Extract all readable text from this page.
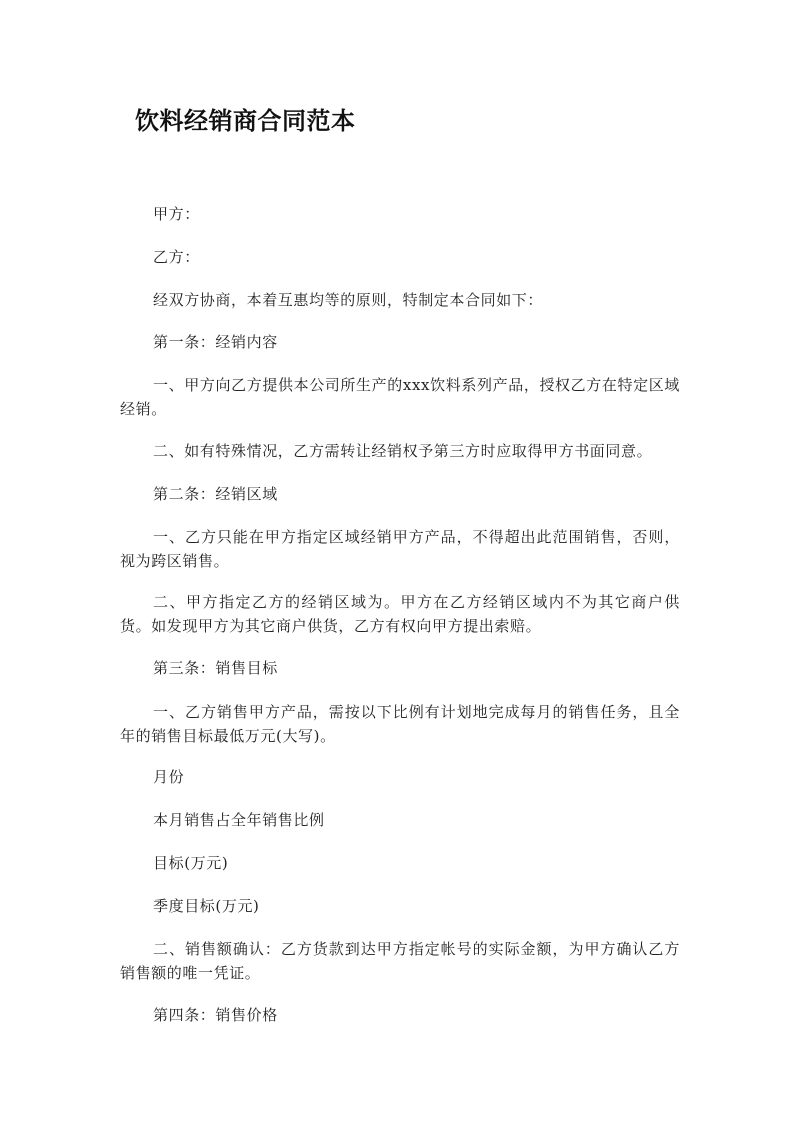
饮料经销商合同范本
甲方：
乙方：
经双方协商，本着互惠均等的原则，特制定本合同如下：
第一条：经销内容
一、甲方向乙方提供本公司所生产的xxx饮料系列产品，授权乙方在特定区域经销。
二、如有特殊情况，乙方需转让经销权予第三方时应取得甲方书面同意。
第二条：经销区域
一、乙方只能在甲方指定区域经销甲方产品，不得超出此范围销售，否则，视为跨区销售。
二、甲方指定乙方的经销区域为。甲方在乙方经销区域内不为其它商户供货。如发现甲方为其它商户供货，乙方有权向甲方提出索赔。
第三条：销售目标
一、乙方销售甲方产品，需按以下比例有计划地完成每月的销售任务，且全年的销售目标最低万元(大写)。
月份
本月销售占全年销售比例
目标(万元)
季度目标(万元)
二、销售额确认：乙方货款到达甲方指定帐号的实际金额，为甲方确认乙方销售额的唯一凭证。
第四条：销售价格
